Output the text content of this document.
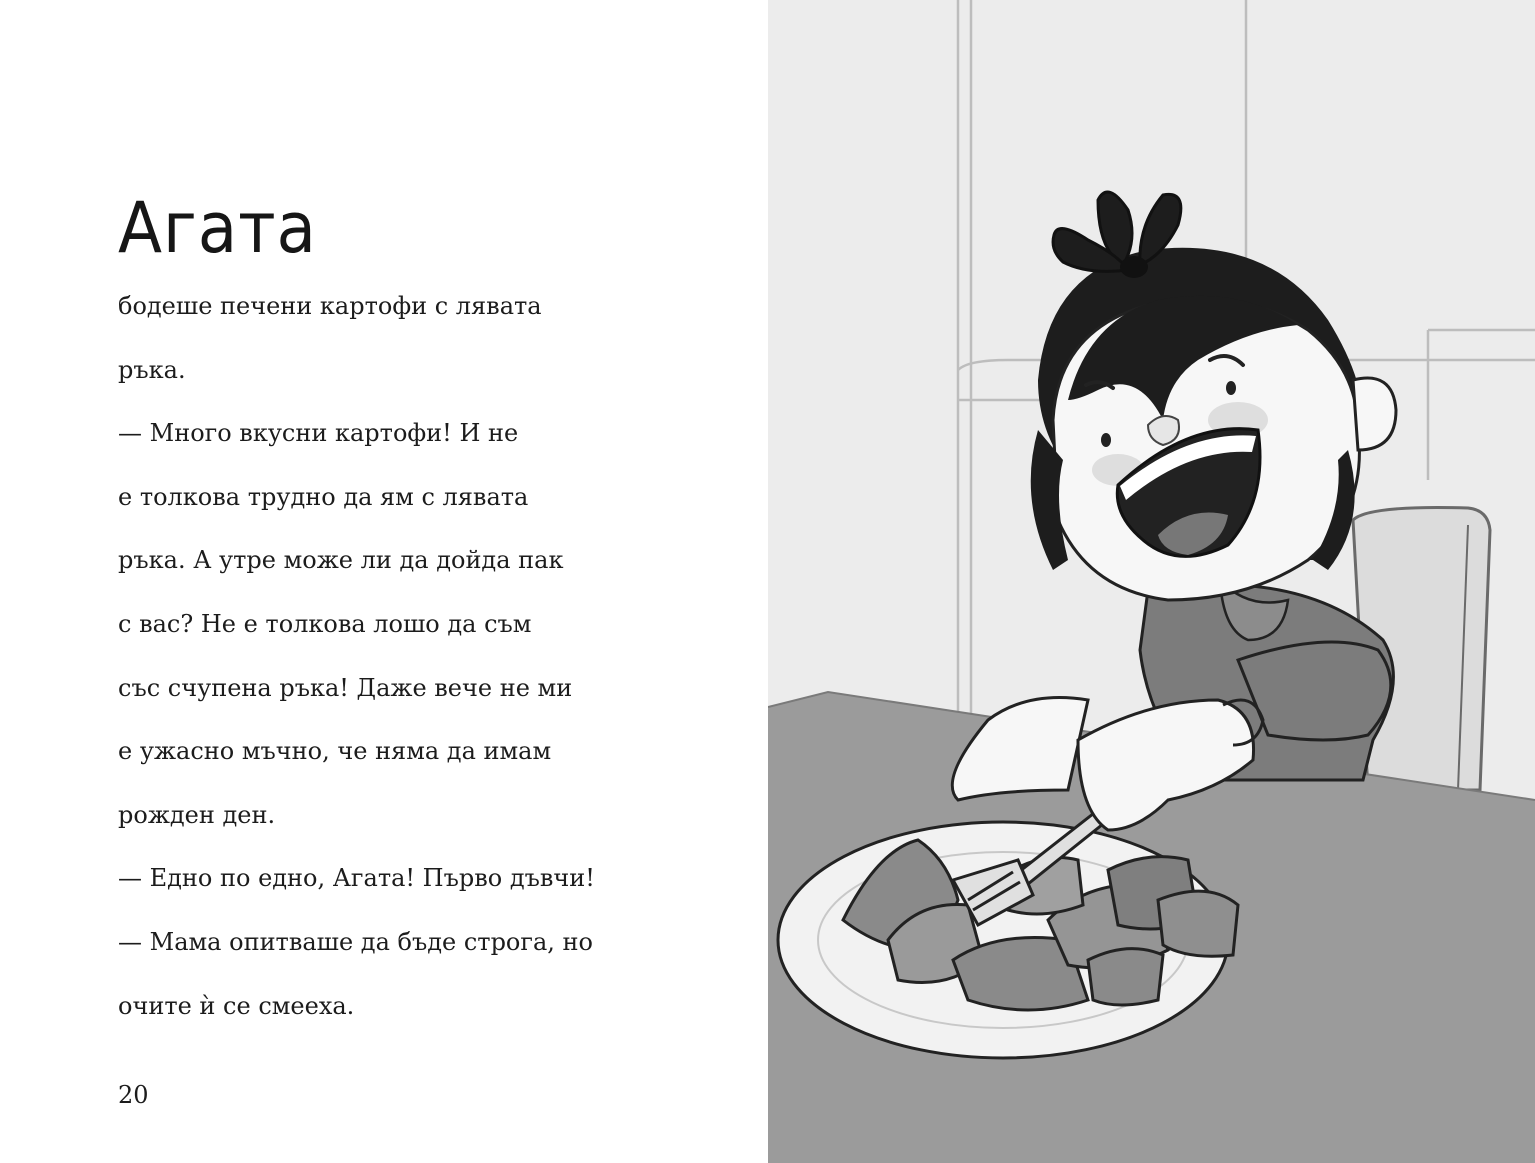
Агата
бодеше печени картофи с лявата
ръка.
— Много вкусни картофи! И не
е толкова трудно да ям с лявата
ръка. А утре може ли да дойда пак
с вас? Не е толкова лошо да съм
със счупена ръка! Даже вече не ми
е ужасно мъчно, че няма да имам
рожден ден.
— Едно по едно, Агата! Първо дъвчи!
— Мама опитваше да бъде строга, но
очите ѝ се смееха.
20
